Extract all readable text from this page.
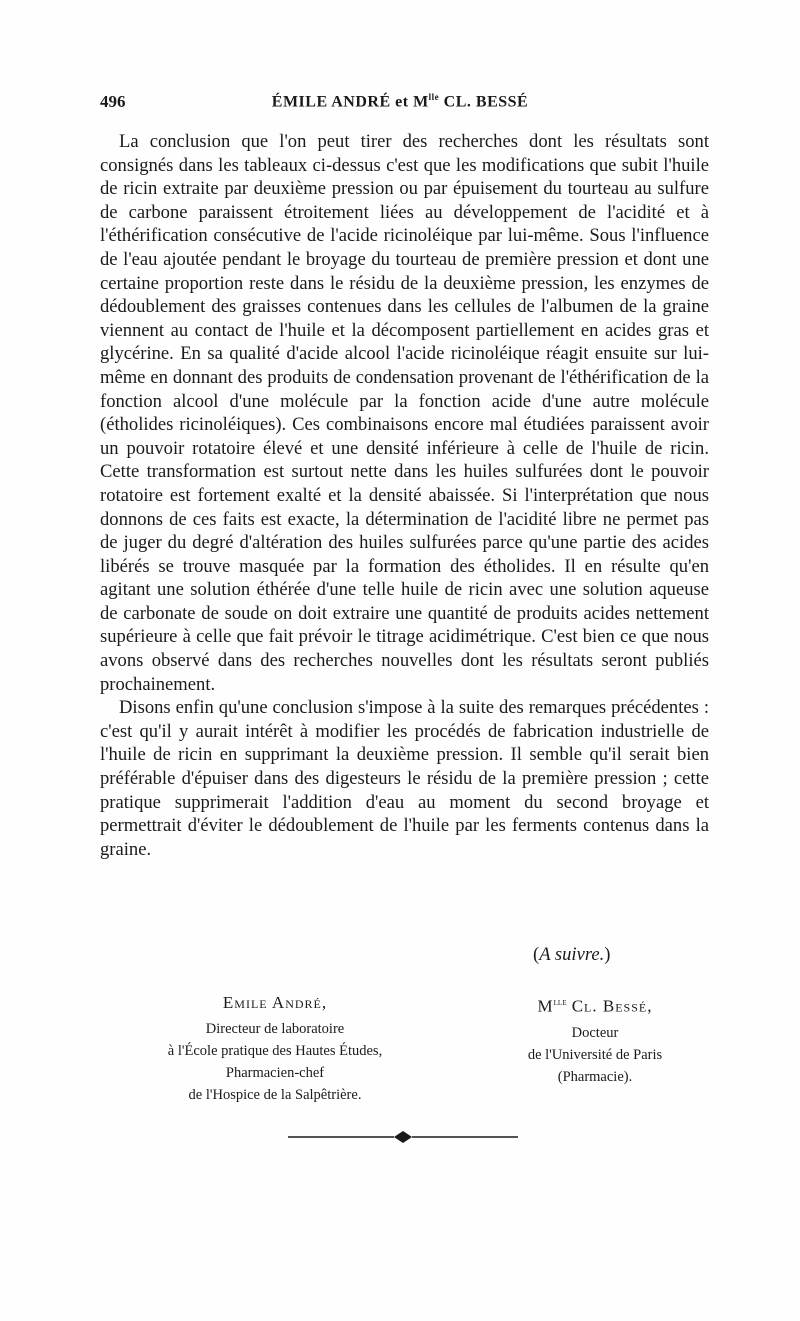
496	ÉMILE ANDRÉ et $M^{lle}$ CL. BESSÉ

La conclusion que l'on peut tirer des recherches dont les résultats sont consignés dans les tableaux ci-dessus c'est que les modifications que subit l'huile de ricin extraite par deuxième pression ou par épuisement du tourteau au sulfure de carbone paraissent étroitement liées au développement de l'acidité et à l'éthérification consécutive de l'acide ricinoléique par lui-même. Sous l'influence de l'eau ajoutée pendant le broyage du tourteau de première pression et dont une certaine proportion reste dans le résidu de la deuxième pression, les enzymes de dédoublement des graisses contenues dans les cellules de l'albumen de la graine viennent au contact de l'huile et la décomposent partiellement en acides gras et glycérine. En sa qualité d'acide alcool l'acide ricinoléique réagit ensuite sur lui-même en donnant des produits de condensation provenant de l'éthérification de la fonction alcool d'une molécule par la fonction acide d'une autre molécule (étholides ricinoléiques). Ces combinaisons encore mal étudiées paraissent avoir un pouvoir rotatoire élevé et une densité inférieure à celle de l'huile de ricin. Cette transformation est surtout nette dans les huiles sulfurées dont le pouvoir rotatoire est fortement exalté et la densité abaissée. Si l'interprétation que nous donnons de ces faits est exacte, la détermination de l'acidité libre ne permet pas de juger du degré d'altération des huiles sulfurées parce qu'une partie des acides libérés se trouve masquée par la formation des étholides. Il en résulte qu'en agitant une solution éthérée d'une telle huile de ricin avec une solution aqueuse de carbonate de soude on doit extraire une quantité de produits acides nettement supérieure à celle que fait prévoir le titrage acidimétrique. C'est bien ce que nous avons observé dans des recherches nouvelles dont les résultats seront publiés prochainement.

Disons enfin qu'une conclusion s'impose à la suite des remarques précédentes : c'est qu'il y aurait intérêt à modifier les procédés de fabrication industrielle de l'huile de ricin en supprimant la deuxième pression. Il semble qu'il serait bien préférable d'épuiser dans des digesteurs le résidu de la première pression ; cette pratique supprimerait l'addition d'eau au moment du second broyage et permettrait d'éviter le dédoublement de l'huile par les ferments contenus dans la graine.

(A suivre.)
Emile André,
Directeur de laboratoire
à l'École pratique des Hautes Études,
Pharmacien-chef
de l'Hospice de la Salpêtrière.
$M^{lle}$ Cl. Bessé,
Docteur
de l'Université de Paris
(Pharmacie).
